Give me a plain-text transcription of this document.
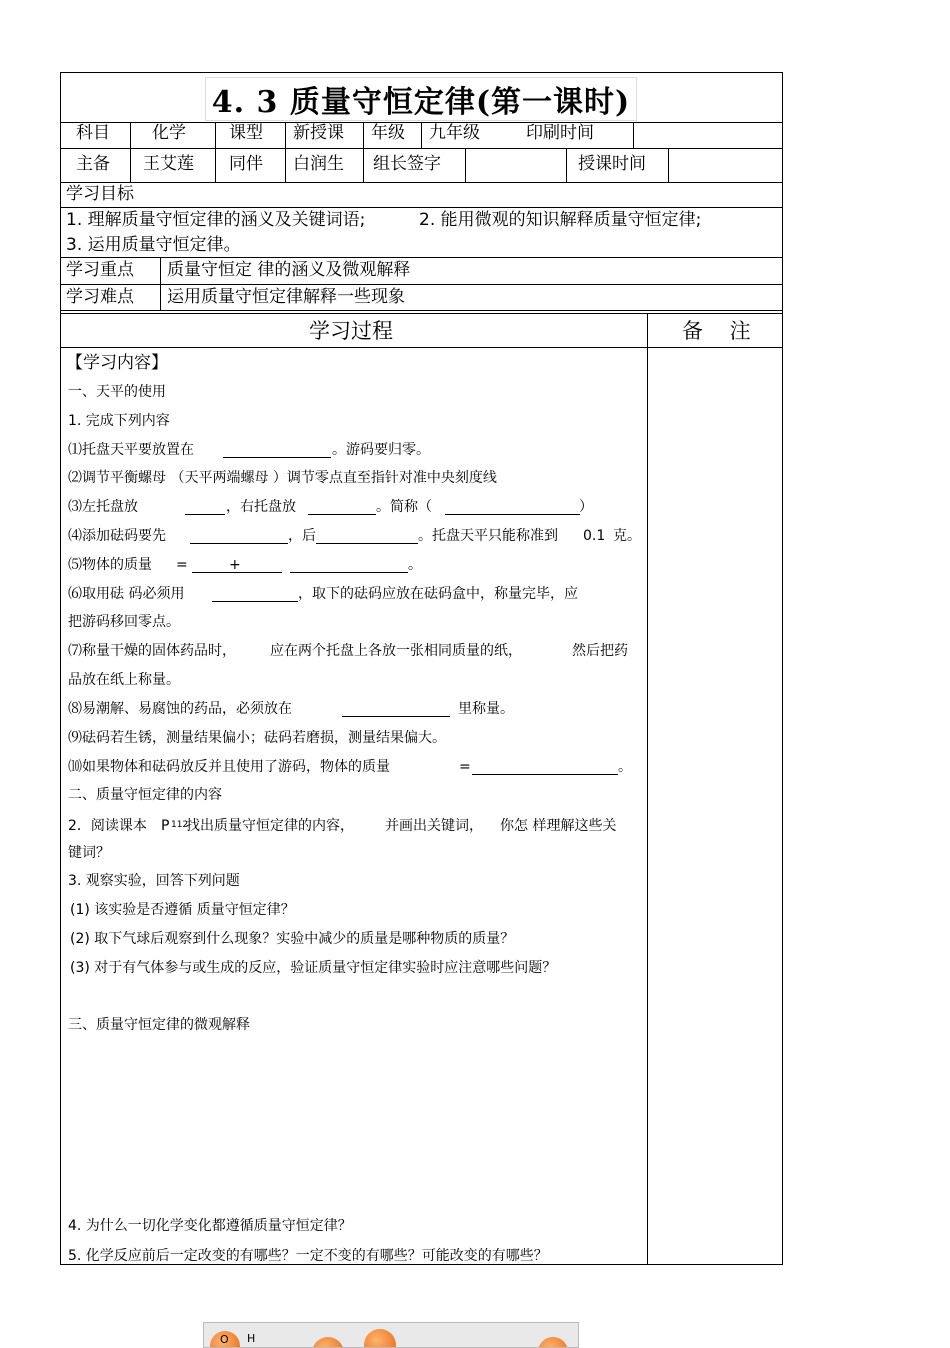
4. 3 质量守恒定律(第一课时)
科目 化学	课型 新授课 年级 九年级	印刷时间
主备 王艾莲 同伴 白润生 组长签字	授课时间
学习目标
1. 理解质量守恒定律的涵义及关键词语;	2. 能用微观的知识解释质量守恒定律;
3. 运用质量守恒定律。
学习重点 质量守恒定 律的涵义及微观解释
学习难点 运用质量守恒定律解释一些现象
学习过程	备 注
【学习内容】
一、天平的使用
1. 完成下列内容
⑴托盘天平要放置在	。游码要归零。
⑵调节平衡螺母 （天平两端螺母 ）调节零点直至指针对准中央刻度线
⑶左托盘放	，右托盘放	。简称（	）
⑷添加砝码要先	，后	。托盘天平只能称准到 0.1 克。
⑸物体的质量 =	+	。
⑹取用砝 码必须用	，取下的砝码应放在砝码盒中，称量完毕，应
把游码移回零点。
⑺称量干燥的固体药品时， 应在两个托盘上各放一张相同质量的纸，	然后把药
品放在纸上称量。
⑻易潮解、易腐蚀的药品，必须放在	里称量。
⑼砝码若生锈，测量结果偏小；砝码若磨损，测量结果偏大。
⑽如果物体和砝码放反并且使用了游码，物体的质量	=	。
二、质量守恒定律的内容
2．阅读课本 P 112
找出质量守恒定律的内容， 并画出关键词， 你怎 样理解这些关
键词？
3. 观察实验，回答下列问题
(1) 该实验是否遵循 质量守恒定律？
(2) 取下气球后观察到什么现象？实验中减少的质量是哪种物质的质量？
(3) 对于有气体参与或生成的反应，验证质量守恒定律实验时应注意哪些问题？
三、质量守恒定律的微观解释
4. 为什么一切化学变化都遵循质量守恒定律？
5. 化学反应前后一定改变的有哪些？一定不变的有哪些？可能改变的有哪些？
O H
